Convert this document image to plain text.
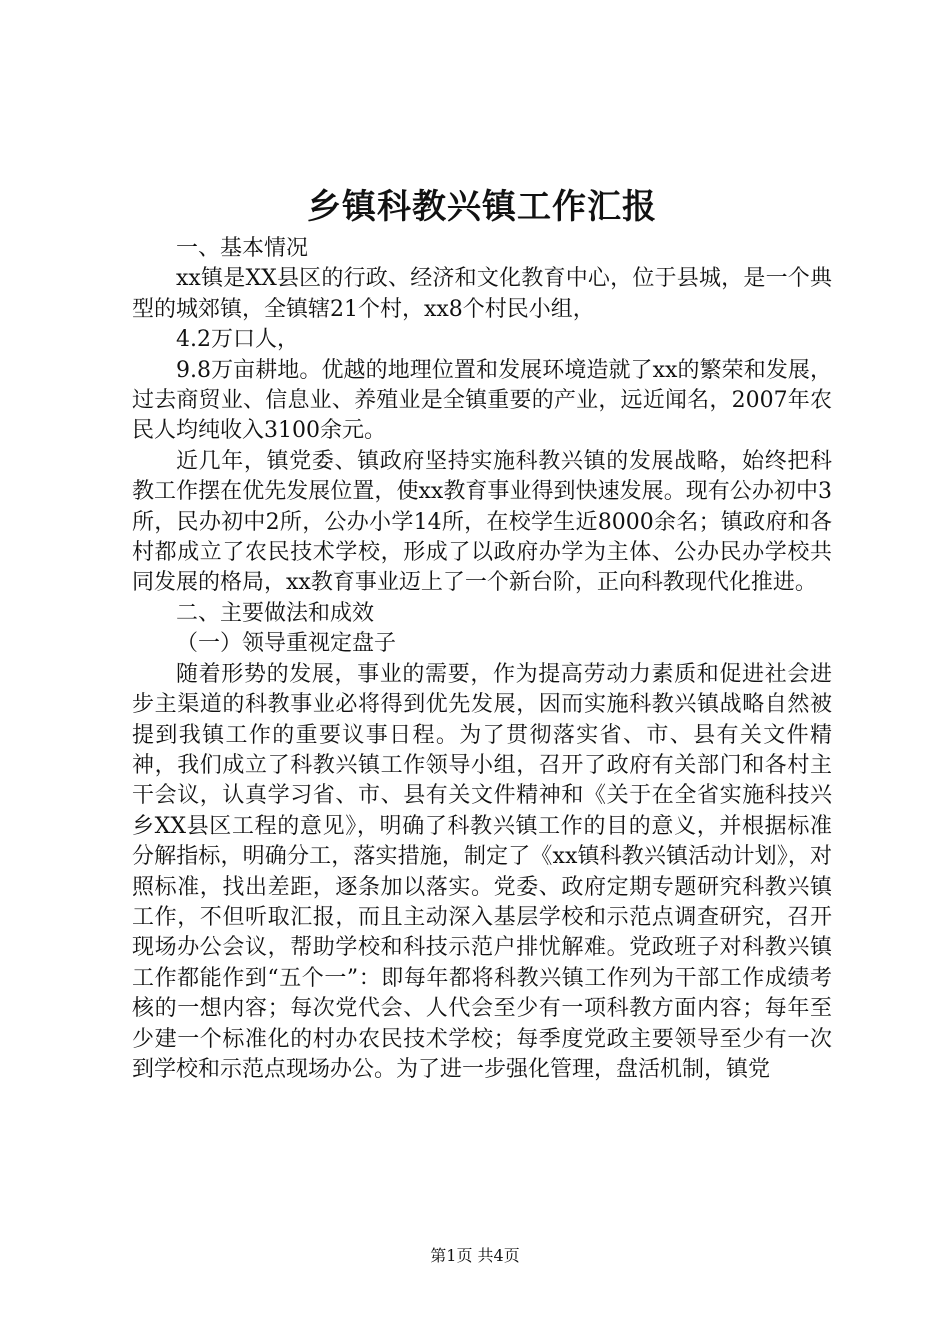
乡镇科教兴镇工作汇报

一、基本情况

xx镇是XX县区的行政、经济和文化教育中心，位于县城，是一个典型的城郊镇，全镇辖21个村，xx8个村民小组，

4.2万口人，

9.8万亩耕地。优越的地理位置和发展环境造就了xx的繁荣和发展，过去商贸业、信息业、养殖业是全镇重要的产业，远近闻名，2007年农民人均纯收入3100余元。

近几年，镇党委、镇政府坚持实施科教兴镇的发展战略，始终把科教工作摆在优先发展位置，使xx教育事业得到快速发展。现有公办初中3所，民办初中2所，公办小学14所，在校学生近8000余名；镇政府和各村都成立了农民技术学校，形成了以政府办学为主体、公办民办学校共同发展的格局，xx教育事业迈上了一个新台阶，正向科教现代化推进。

二、主要做法和成效

（一）领导重视定盘子

随着形势的发展，事业的需要，作为提高劳动力素质和促进社会进步主渠道的科教事业必将得到优先发展，因而实施科教兴镇战略自然被提到我镇工作的重要议事日程。为了贯彻落实省、市、县有关文件精神，我们成立了科教兴镇工作领导小组，召开了政府有关部门和各村主干会议，认真学习省、市、县有关文件精神和《关于在全省实施科技兴乡XX县区工程的意见》，明确了科教兴镇工作的目的意义，并根据标准分解指标，明确分工，落实措施，制定了《xx镇科教兴镇活动计划》，对照标准，找出差距，逐条加以落实。党委、政府定期专题研究科教兴镇工作，不但听取汇报，而且主动深入基层学校和示范点调查研究，召开现场办公会议，帮助学校和科技示范户排忧解难。党政班子对科教兴镇工作都能作到“五个一”：即每年都将科教兴镇工作列为干部工作成绩考核的一想内容；每次党代会、人代会至少有一项科教方面内容；每年至少建一个标准化的村办农民技术学校；每季度党政主要领导至少有一次到学校和示范点现场办公。为了进一步强化管理，盘活机制，镇党

第1页 共4页
